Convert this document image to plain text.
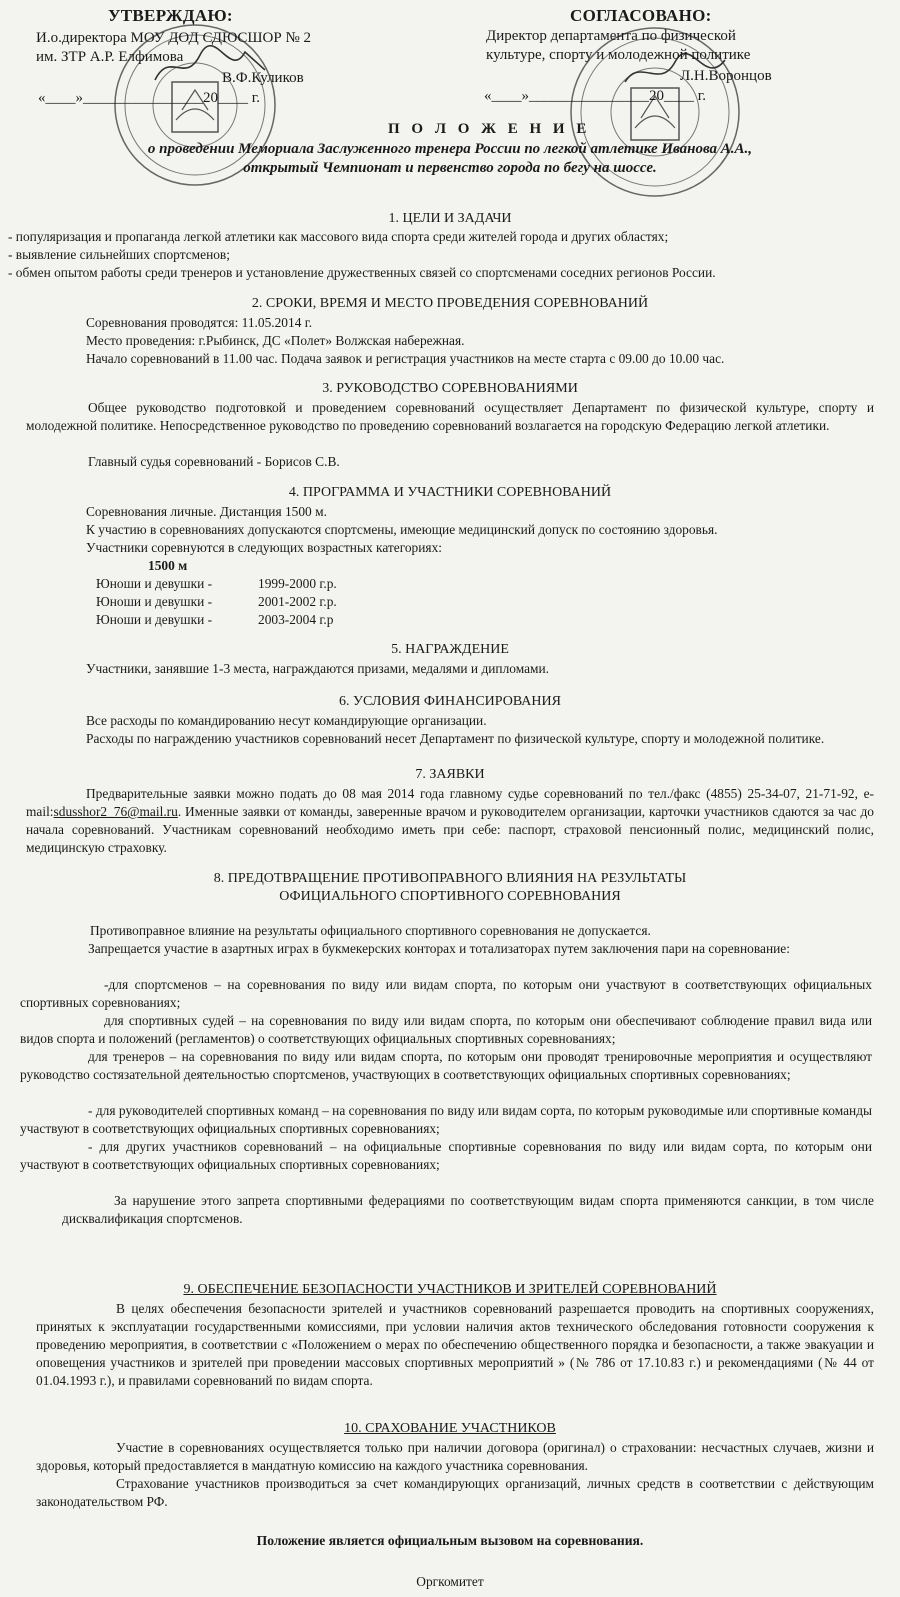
УТВЕРЖДАЮ:
И.о.директора МОУ ДОД СДЮСШОР № 2
им. ЗТР А.Р. Елфимова
В.Ф.Куликов
«____»________________20____ г.
СОГЛАСОВАНО:
Директор департамента по физической
культуре, спорту и молодежной политике
Л.Н.Воронцов
«____»________________20____ г.
П О Л О Ж Е Н И Е
о проведении Мемориала Заслуженного тренера России по легкой атлетике Иванова А.А.,
открытый Чемпионат и первенство города по бегу на шоссе.
1. ЦЕЛИ И ЗАДАЧИ
- популяризация и пропаганда легкой атлетики как массового вида спорта среди жителей города и других областях;
- выявление сильнейших спортсменов;
- обмен опытом работы среди тренеров и установление дружественных связей со спортсменами соседних регионов России.
2. СРОКИ, ВРЕМЯ И МЕСТО ПРОВЕДЕНИЯ СОРЕВНОВАНИЙ
Соревнования проводятся: 11.05.2014 г.
Место проведения: г.Рыбинск, ДС «Полет» Волжская набережная.
Начало соревнований в 11.00 час. Подача заявок и регистрация участников на месте старта с 09.00 до 10.00 час.
3. РУКОВОДСТВО СОРЕВНОВАНИЯМИ
Общее руководство подготовкой и проведением соревнований осуществляет Департамент по физической культуре, спорту и молодежной политике. Непосредственное руководство по проведению соревнований возлагается на городскую Федерацию легкой атлетики.
Главный судья соревнований - Борисов С.В.
4. ПРОГРАММА И УЧАСТНИКИ СОРЕВНОВАНИЙ
Соревнования личные. Дистанция 1500 м.
К участию в соревнованиях допускаются спортсмены, имеющие медицинский допуск по состоянию здоровья.
Участники соревнуются в следующих возрастных категориях:
1500 м
Юноши и девушки -	1999-2000 г.р.
Юноши и девушки -	2001-2002 г.р.
Юноши и девушки -	2003-2004 г.р
5. НАГРАЖДЕНИЕ
Участники, занявшие 1-3 места, награждаются призами, медалями и дипломами.
6. УСЛОВИЯ ФИНАНСИРОВАНИЯ
Все расходы по командированию несут командирующие организации.
Расходы по награждению участников соревнований несет Департамент по физической культуре, спорту и молодежной политике.
7. ЗАЯВКИ
Предварительные заявки можно подать до 08 мая 2014 года главному судье соревнований по тел./факс (4855) 25-34-07, 21-71-92, e-mail:sdusshor2_76@mail.ru. Именные заявки от команды, заверенные врачом и руководителем организации, карточки участников сдаются за час до начала соревнований. Участникам соревнований необходимо иметь при себе: паспорт, страховой пенсионный полис, медицинский полис, медицинскую страховку.
8. ПРЕДОТВРАЩЕНИЕ ПРОТИВОПРАВНОГО ВЛИЯНИЯ НА РЕЗУЛЬТАТЫ
ОФИЦИАЛЬНОГО СПОРТИВНОГО СОРЕВНОВАНИЯ
Противоправное влияние на результаты официального спортивного соревнования не допускается.
Запрещается участие в азартных играх в букмекерских конторах и тотализаторах путем заключения пари на соревнование:
-для спортсменов – на соревнования по виду или видам спорта, по которым они участвуют в соответствующих официальных спортивных соревнованиях;
для спортивных судей – на соревнования по виду или видам спорта, по которым они обеспечивают соблюдение правил вида или видов спорта и положений (регламентов) о соответствующих официальных спортивных соревнованиях;
для тренеров – на соревнования по виду или видам спорта, по которым они проводят тренировочные мероприятия и осуществляют руководство состязательной деятельностью спортсменов, участвующих в соответствующих официальных спортивных соревнованиях;
- для руководителей спортивных команд – на соревнования по виду или видам сорта, по которым руководимые или спортивные команды участвуют в соответствующих официальных спортивных соревнованиях;
- для других участников соревнований – на официальные спортивные соревнования по виду или видам сорта, по которым они участвуют в соответствующих официальных спортивных соревнованиях;
За нарушение этого запрета спортивными федерациями по соответствующим видам спорта применяются санкции, в том числе дисквалификация спортсменов.
9. ОБЕСПЕЧЕНИЕ БЕЗОПАСНОСТИ УЧАСТНИКОВ И ЗРИТЕЛЕЙ СОРЕВНОВАНИЙ
В целях обеспечения безопасности зрителей и участников соревнований разрешается проводить на спортивных сооружениях, принятых к эксплуатации государственными комиссиями, при условии наличия актов технического обследования готовности сооружения к проведению мероприятия, в соответствии с «Положением о мерах по обеспечению общественного порядка и безопасности, а также эвакуации и оповещения участников и зрителей при проведении массовых спортивных мероприятий » (№ 786 от 17.10.83 г.) и рекомендациями (№ 44 от 01.04.1993 г.), и правилами соревнований по видам спорта.
10. СРАХОВАНИЕ УЧАСТНИКОВ
Участие в соревнованиях осуществляется только при наличии договора (оригинал) о страховании: несчастных случаев, жизни и здоровья, который предоставляется в мандатную комиссию на каждого участника соревнования.
Страхование участников производиться за счет командирующих организаций, личных средств в соответствии с действующим законодательством РФ.
Положение является официальным вызовом на соревнования.
Оргкомитет
